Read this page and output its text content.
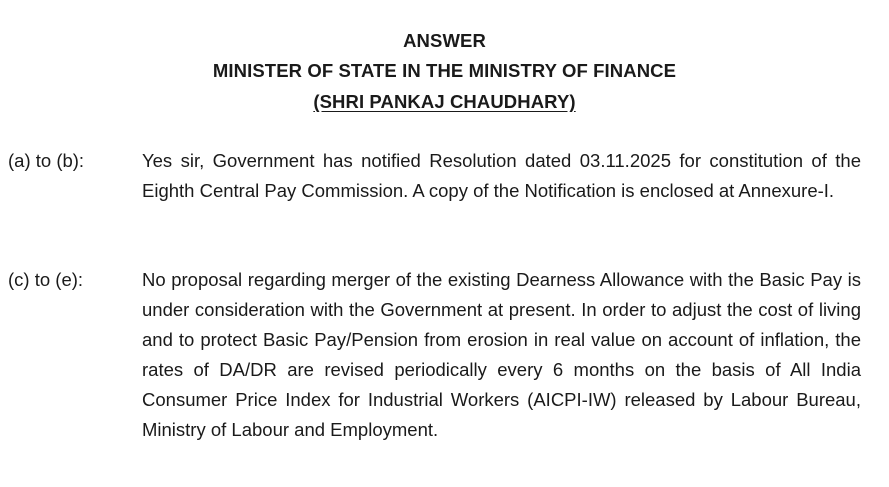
ANSWER
MINISTER OF STATE IN THE MINISTRY OF FINANCE
(SHRI PANKAJ CHAUDHARY)
(a) to (b):	Yes sir, Government has notified Resolution dated 03.11.2025 for constitution of the Eighth Central Pay Commission. A copy of the Notification is enclosed at Annexure-I.
(c) to (e):	No proposal regarding merger of the existing Dearness Allowance with the Basic Pay is under consideration with the Government at present. In order to adjust the cost of living and to protect Basic Pay/Pension from erosion in real value on account of inflation, the rates of DA/DR are revised periodically every 6 months on the basis of All India Consumer Price Index for Industrial Workers (AICPI-IW) released by Labour Bureau, Ministry of Labour and Employment.
